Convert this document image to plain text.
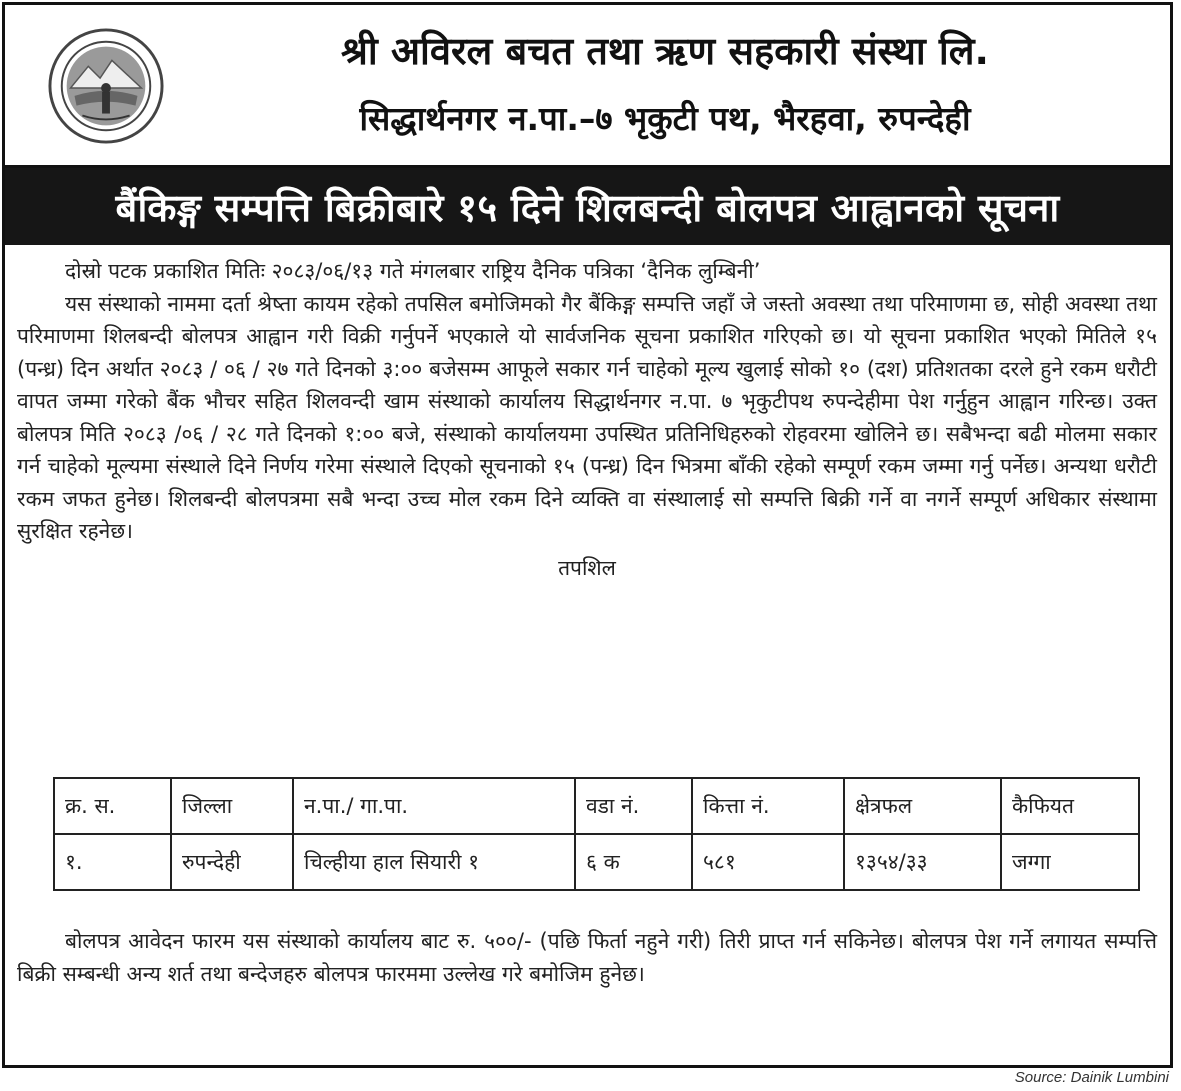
श्री अविरल बचत तथा ऋण सहकारी संस्था लि.
सिद्धार्थनगर न.पा.–७ भृकुटी पथ, भैरहवा, रुपन्देही
बैंकिङ्ग सम्पत्ति बिक्रीबारे १५ दिने शिलबन्दी बोलपत्र आह्वानको सूचना

दोस्रो पटक प्रकाशित मितिः २०८३/०६/१३ गते मंगलबार राष्ट्रिय दैनिक पत्रिका ‘दैनिक लुम्बिनी’

यस संस्थाको नाममा दर्ता श्रेष्ता कायम रहेको तपसिल बमोजिमको गैर बैंकिङ्ग सम्पत्ति जहाँ जे जस्तो अवस्था तथा परिमाणमा छ, सोही अवस्था तथा परिमाणमा शिलबन्दी बोलपत्र आह्वान गरी विक्री गर्नुपर्ने भएकाले यो सार्वजनिक सूचना प्रकाशित गरिएको छ। यो सूचना प्रकाशित भएको मितिले १५ (पन्ध्र) दिन अर्थात २०८३ / ०६ / २७ गते दिनको ३:०० बजेसम्म आफूले सकार गर्न चाहेको मूल्य खुलाई सोको १० (दश) प्रतिशतका दरले हुने रकम धरौटी वापत जम्मा गरेको बैंक भौचर सहित शिलवन्दी खाम संस्थाको कार्यालय सिद्धार्थनगर न.पा. ७ भृकुटीपथ रुपन्देहीमा पेश गर्नुहुन आह्वान गरिन्छ। उक्त बोलपत्र मिति २०८३ /०६ / २८ गते दिनको १:०० बजे, संस्थाको कार्यालयमा उपस्थित प्रतिनिधिहरुको रोहवरमा खोलिने छ। सबैभन्दा बढी मोलमा सकार गर्न चाहेको मूल्यमा संस्थाले दिने निर्णय गरेमा संस्थाले दिएको सूचनाको १५ (पन्ध्र) दिन भित्रमा बाँकी रहेको सम्पूर्ण रकम जम्मा गर्नु पर्नेछ। अन्यथा धरौटी रकम जफत हुनेछ। शिलबन्दी बोलपत्रमा सबै भन्दा उच्च मोल रकम दिने व्यक्ति वा संस्थालाई सो सम्पत्ति बिक्री गर्ने वा नगर्ने सम्पूर्ण अधिकार संस्थामा सुरक्षित रहनेछ।

तपशिल
क्र. स.	जिल्ला	न.पा./ गा.पा.	वडा नं.	कित्ता नं.	क्षेत्रफल	कैफियत
१.	रुपन्देही	चिल्हीया हाल सियारी १	६ क	५८१	१३५४/३३	जग्गा

बोलपत्र आवेदन फारम यस संस्थाको कार्यालय बाट रु. ५००/- (पछि फिर्ता नहुने गरी) तिरी प्राप्त गर्न सकिनेछ। बोलपत्र पेश गर्ने लगायत सम्पत्ति बिक्री सम्बन्धी अन्य शर्त तथा बन्देजहरु बोलपत्र फारममा उल्लेख गरे बमोजिम हुनेछ।

Source: Dainik Lumbini
